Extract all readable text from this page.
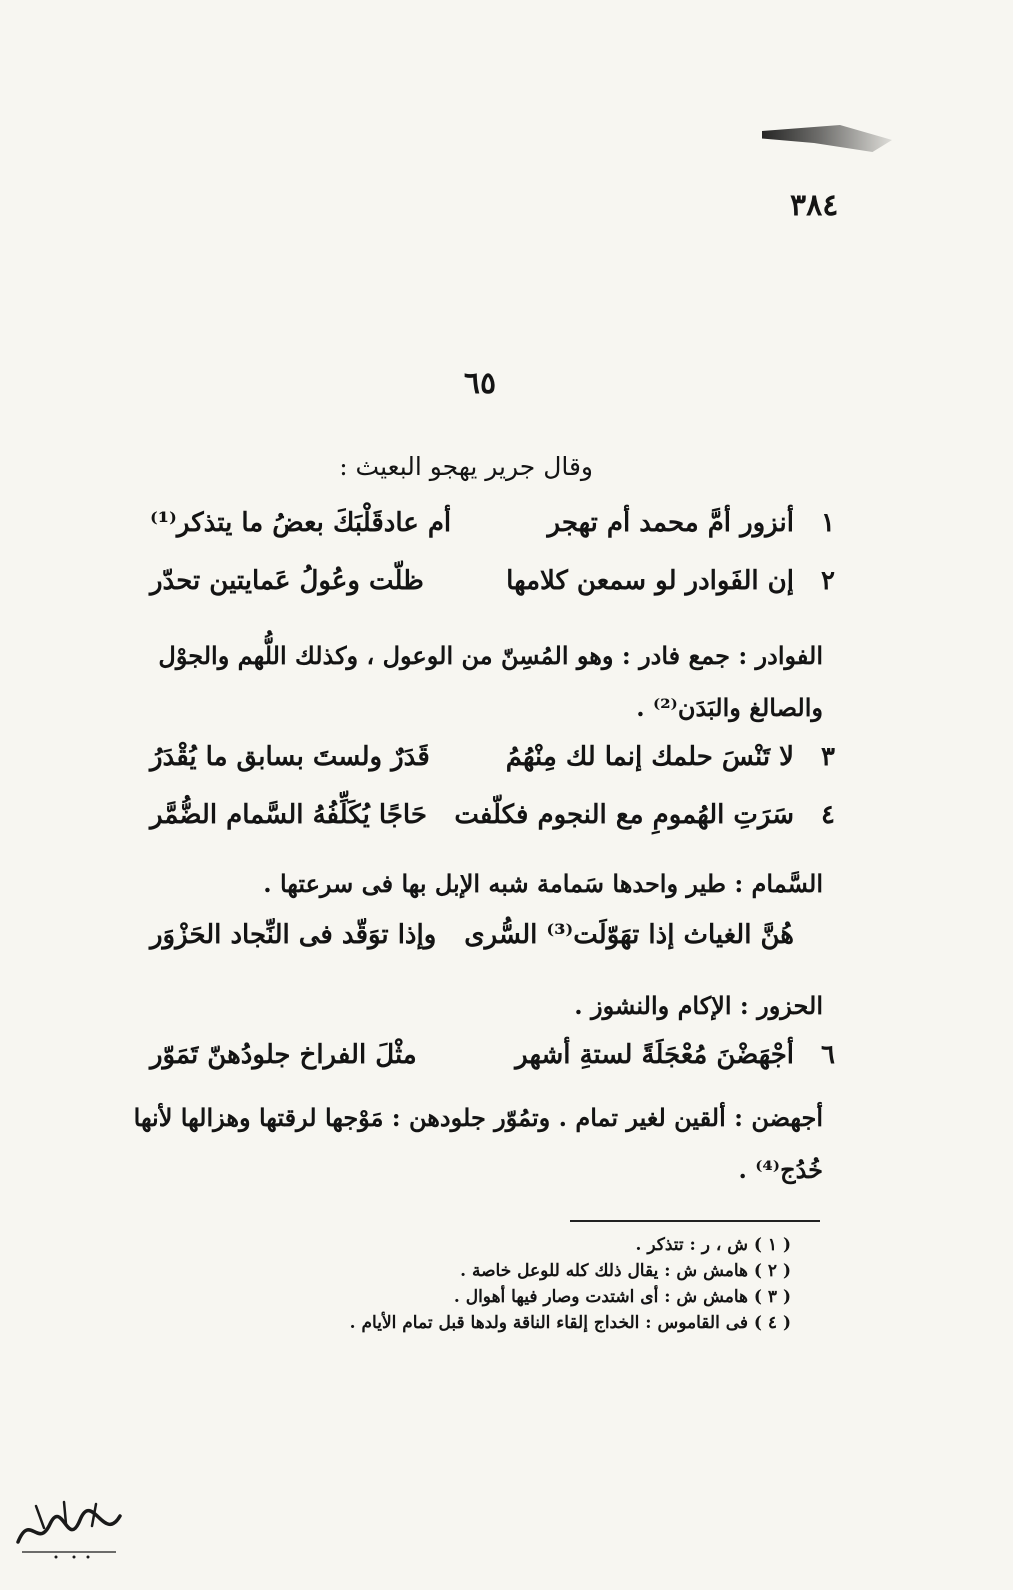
٣٨٤
٦٥
وقال جرير يهجو البعيث :
١
أنزور أمَّ محمد أم تهجر
أم عادقَلْبَكَ بعضُ ما يتذكر⁽¹⁾
٢
إن الفَوادر لو سمعن كلامها
ظلّت وعُولُ عَمايتين تحدّر

الفوادر : جمع فادر : وهو المُسِنّ من الوعول ، وكذلك اللُّهم والجوْل

والصالغ والبَدَن⁽²⁾ .

٣
لا تَنْسَ حلمك إنما لك مِنْهُمُ
قَدَرٌ ولستَ بسابق ما يُقْدَرُ
٤
سَرَتِ الهُمومِ مع النجوم فكلّفت
حَاجًا يُكَلِّفُهُ السَّمام الضُّمَّر

السَّمام : طير واحدها سَمامة شبه الإبل بها فى سرعتها .

هُنَّ الغياث إذا تهَوّلَت⁽³⁾ السُّرى
وإذا توَقّد فى النِّجاد الحَزْوَر

الحزور : الإكام والنشوز .

٦
أجْهَضْنَ مُعْجَلَةً لستةِ أشهر
مثْلَ الفراخ جلودُهنّ تَمَوّر

أجهضن : ألقين لغير تمام . وتمُوّر جلودهن : مَوْجها لرقتها وهزالها لأنها

خُدُج⁽⁴⁾ .

( ١ ) ش ، ر : تتذكر .
( ٢ ) هامش ش : يقال ذلك كله للوعل خاصة .
( ٣ ) هامش ش : أى اشتدت وصار فيها أهوال .
( ٤ ) فى القاموس : الخداج إلقاء الناقة ولدها قبل تمام الأيام .
